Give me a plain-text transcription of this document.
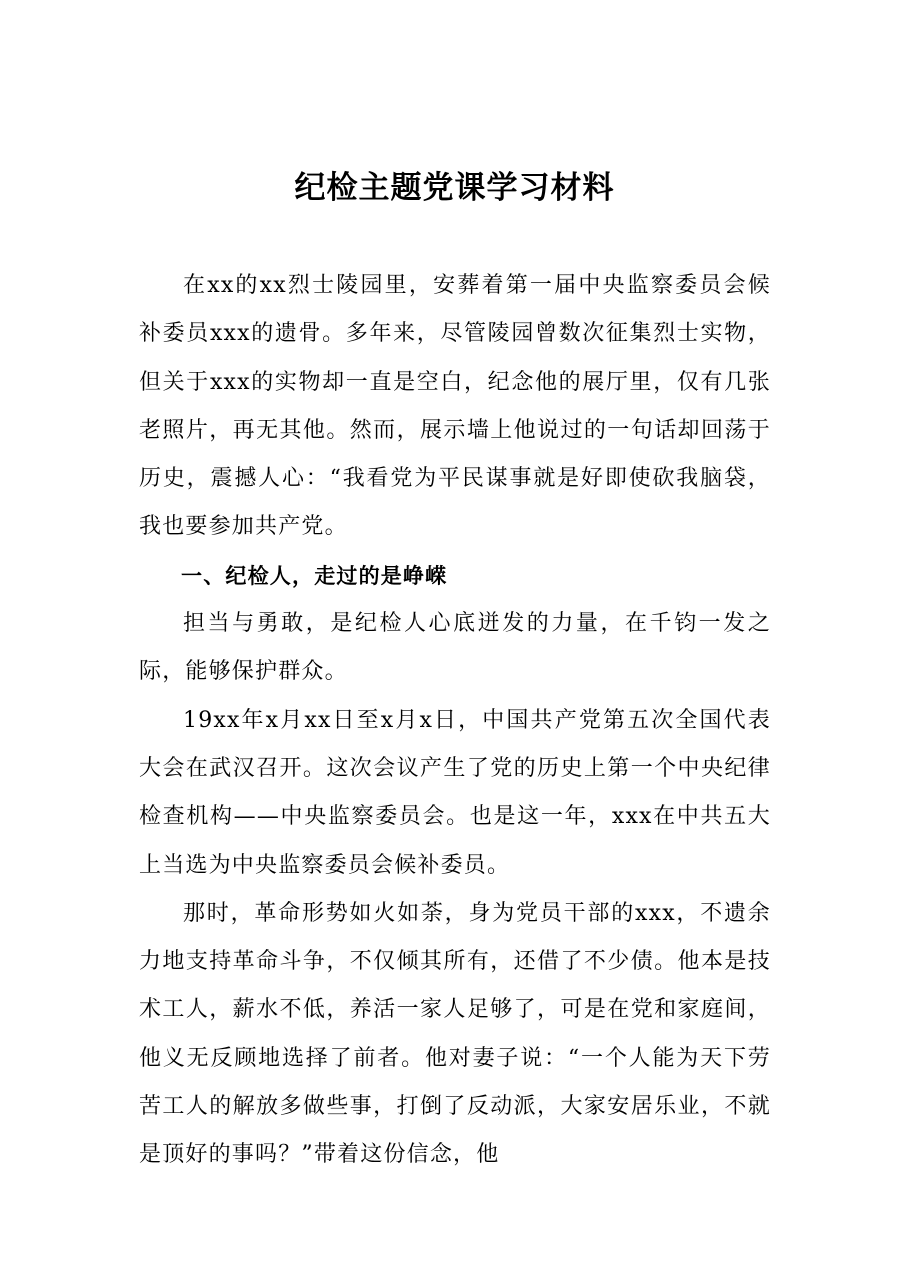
纪检主题党课学习材料

在xx的xx烈士陵园里，安葬着第一届中央监察委员会候补委员xxx的遗骨。多年来，尽管陵园曾数次征集烈士实物，但关于xxx的实物却一直是空白，纪念他的展厅里，仅有几张老照片，再无其他。然而，展示墙上他说过的一句话却回荡于历史，震撼人心：“我看党为平民谋事就是好即使砍我脑袋，我也要参加共产党。

一、纪检人，走过的是峥嵘

担当与勇敢，是纪检人心底迸发的力量，在千钧一发之际，能够保护群众。

19xx年x月xx日至x月x日，中国共产党第五次全国代表大会在武汉召开。这次会议产生了党的历史上第一个中央纪律检查机构——中央监察委员会。也是这一年，xxx在中共五大上当选为中央监察委员会候补委员。

那时，革命形势如火如荼，身为党员干部的xxx，不遗余力地支持革命斗争，不仅倾其所有，还借了不少债。他本是技术工人，薪水不低，养活一家人足够了，可是在党和家庭间，他义无反顾地选择了前者。他对妻子说：“一个人能为天下劳苦工人的解放多做些事，打倒了反动派，大家安居乐业，不就是顶好的事吗？”带着这份信念，他
